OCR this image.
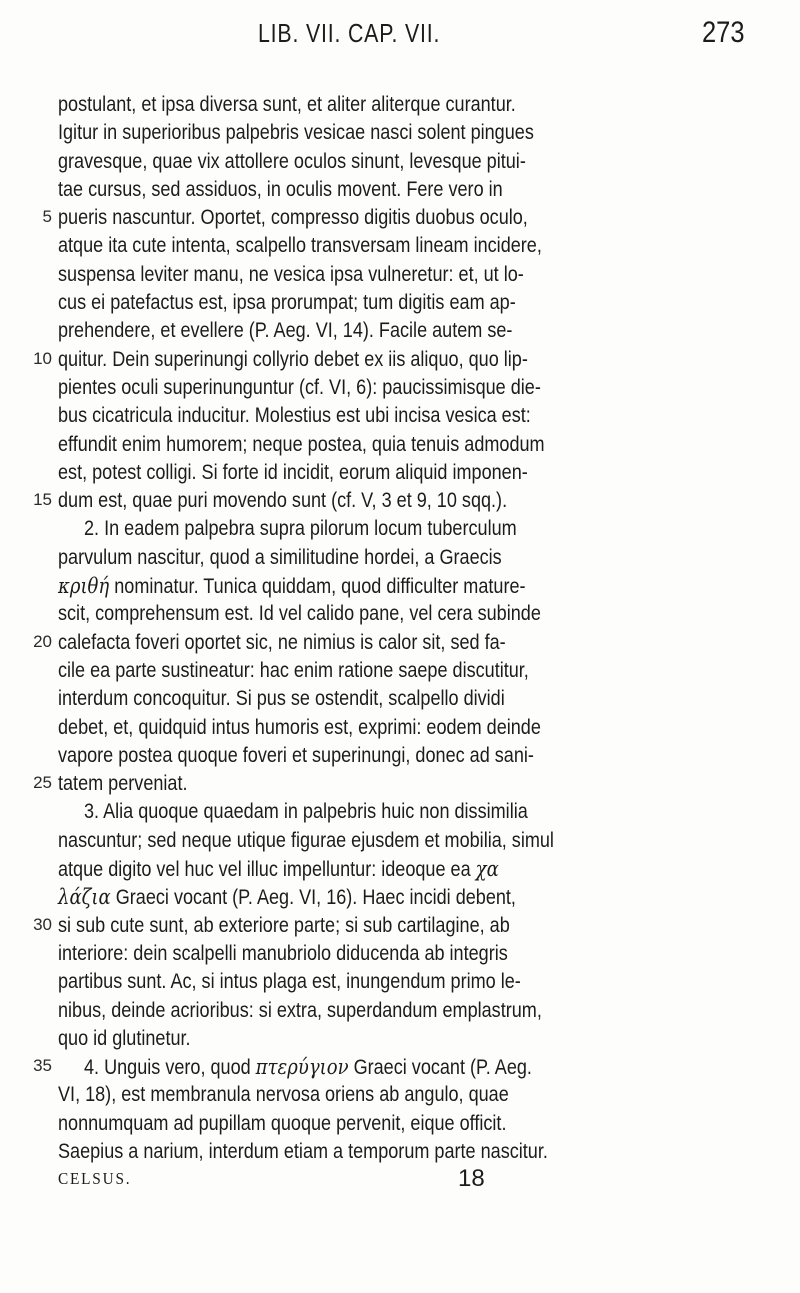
LIB. VII. CAP. VII.	273
postulant, et ipsa diversa sunt, et aliter aliterque curantur.
Igitur in superioribus palpebris vesicae nasci solent pingues
gravesque, quae vix attollere oculos sinunt, levesque pitui-
tae cursus, sed assiduos, in oculis movent. Fere vero in
5 pueris nascuntur. Oportet, compresso digitis duobus oculo,
atque ita cute intenta, scalpello transversam lineam incidere,
suspensa leviter manu, ne vesica ipsa vulneretur: et, ut lo-
cus ei patefactus est, ipsa prorumpat; tum digitis eam ap-
prehendere, et evellere (P. Aeg. VI, 14). Facile autem se-
10 quitur. Dein superinungi collyrio debet ex iis aliquo, quo lip-
pientes oculi superinunguntur (cf. VI, 6): paucissimisque die-
bus cicatricula inducitur. Molestius est ubi incisa vesica est:
effundit enim humorem; neque postea, quia tenuis admodum
est, potest colligi. Si forte id incidit, eorum aliquid imponen-
15 dum est, quae puri movendo sunt (cf. V, 3 et 9, 10 sqq.).
2. In eadem palpebra supra pilorum locum tuberculum
parvulum nascitur, quod a similitudine hordei, a Graecis
κριθή nominatur. Tunica quiddam, quod difficulter mature-
scit, comprehensum est. Id vel calido pane, vel cera subinde
20 calefacta foveri oportet sic, ne nimius is calor sit, sed fa-
cile ea parte sustineatur: hac enim ratione saepe discutitur,
interdum concoquitur. Si pus se ostendit, scalpello dividi
debet, et, quidquid intus humoris est, exprimi: eodem deinde
vapore postea quoque foveri et superinungi, donec ad sani-
25 tatem perveniat.
3. Alia quoque quaedam in palpebris huic non dissimilia
nascuntur; sed neque utique figurae ejusdem et mobilia, simul
atque digito vel huc vel illuc impelluntur: ideoque ea χα
λάζια Graeci vocant (P. Aeg. VI, 16). Haec incidi debent,
30 si sub cute sunt, ab exteriore parte; si sub cartilagine, ab
interiore: dein scalpelli manubriolo diducenda ab integris
partibus sunt. Ac, si intus plaga est, inungendum primo le-
nibus, deinde acrioribus: si extra, superdandum emplastrum,
quo id glutinetur.
35 4. Unguis vero, quod πτερύγιον Graeci vocant (P. Aeg.
VI, 18), est membranula nervosa oriens ab angulo, quae
nonnumquam ad pupillam quoque pervenit, eique officit.
Saepius a narium, interdum etiam a temporum parte nascitur.
CELSUS.	18
